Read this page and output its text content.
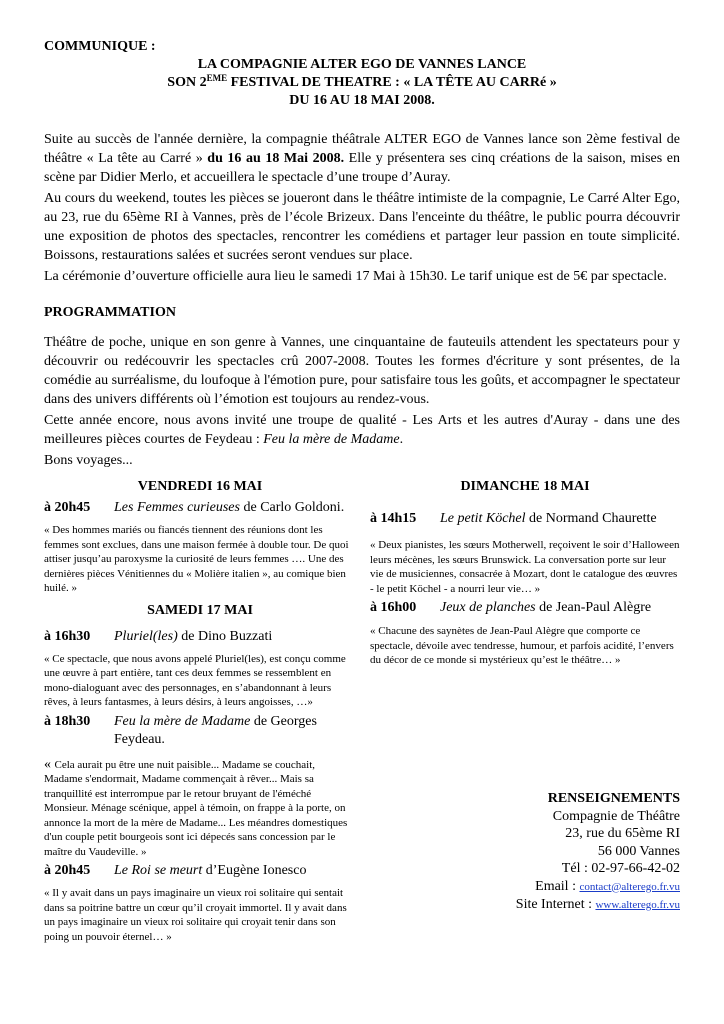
COMMUNIQUE :
LA COMPAGNIE ALTER EGO DE VANNES LANCE
SON 2EME FESTIVAL DE THEATRE : « LA TÊTE AU CARRé »
DU 16 AU 18 MAI 2008.

Suite au succès de l'année dernière, la compagnie théâtrale ALTER EGO de Vannes lance son 2ème festival de théâtre « La tête au Carré » du 16 au 18 Mai 2008. Elle y présentera ses cinq créations de la saison, mises en scène par Didier Merlo, et accueillera le spectacle d’une troupe d’Auray.

Au cours du weekend, toutes les pièces se joueront dans le théâtre intimiste de la compagnie, Le Carré Alter Ego, au 23, rue du 65ème RI à Vannes, près de l’école Brizeux. Dans l'enceinte du théâtre, le public pourra découvrir une exposition de photos des spectacles, rencontrer les comédiens et partager leur passion en toute simplicité. Boissons, restaurations salées et sucrées seront vendues sur place.

La cérémonie d’ouverture officielle aura lieu le samedi 17 Mai à 15h30. Le tarif unique est de 5€ par spectacle.

PROGRAMMATION

Théâtre de poche, unique en son genre à Vannes, une cinquantaine de fauteuils attendent les spectateurs pour y découvrir ou redécouvrir les spectacles crû 2007-2008. Toutes les formes d'écriture y sont présentes, de la comédie au surréalisme, du loufoque à l'émotion pure, pour satisfaire tous les goûts, et accompagner le spectateur dans des univers différents où l’émotion est toujours au rendez-vous.

Cette année encore, nous avons invité une troupe de qualité - Les Arts et les autres d'Auray - dans une des meilleures pièces courtes de Feydeau : Feu la mère de Madame.

Bons voyages...

VENDREDI 16 MAI
à 20h45	Les Femmes curieuses de Carlo Goldoni.

« Des hommes mariés ou fiancés tiennent des réunions dont les femmes sont exclues, dans une maison fermée à double tour. De quoi attiser jusqu’au paroxysme la curiosité de leurs femmes …. Une des dernières pièces Vénitiennes du « Molière italien », au comique bien huilé. »

SAMEDI 17 MAI
à 16h30	Pluriel(les) de Dino Buzzati

« Ce spectacle, que nous avons appelé Pluriel(les), est conçu comme une œuvre à part entière, tant ces deux femmes se ressemblent en mono-dialoguant avec des personnages, en s’abandonnant à leurs rêves, à leurs fantasmes, à leurs désirs, à leurs angoisses, …»

à 18h30	Feu la mère de Madame de Georges Feydeau.

« Cela aurait pu être une nuit paisible... Madame se couchait, Madame s'endormait, Madame commençait à rêver... Mais sa tranquillité est interrompue par le retour bruyant de l'éméché Monsieur. Ménage scénique, appel à témoin, on frappe à la porte, on annonce la mort de la mère de Madame... Les méandres domestiques d'un couple petit bourgeois sont ici dépecés sans concession par le maître du Vaudeville. »

à 20h45	Le Roi se meurt d’Eugène Ionesco

« Il y avait dans un pays imaginaire un vieux roi solitaire qui sentait dans sa poitrine battre un cœur qu’il croyait immortel. Il y avait dans un pays imaginaire un vieux roi solitaire qui croyait tenir dans son poing un pouvoir éternel… »

DIMANCHE 18 MAI
à 14h15	Le petit Köchel de Normand Chaurette

« Deux pianistes, les sœurs Motherwell, reçoivent le soir d’Halloween leurs mécènes, les sœurs Brunswick. La conversation porte sur leur vie de musiciennes, consacrée à Mozart, dont le catalogue des œuvres - le petit Köchel - a nourri leur vie… »

à 16h00	Jeux de planches de Jean-Paul Alègre

« Chacune des saynètes de Jean-Paul Alègre que comporte ce spectacle, dévoile avec tendresse, humour, et parfois acidité, l’envers du décor de ce monde si mystérieux qu’est le théâtre… »

RENSEIGNEMENTS
Compagnie de Théâtre
23, rue du 65ème RI
56 000 Vannes
Tél : 02-97-66-42-02
Email : contact@alterego.fr.vu
Site Internet : www.alterego.fr.vu
